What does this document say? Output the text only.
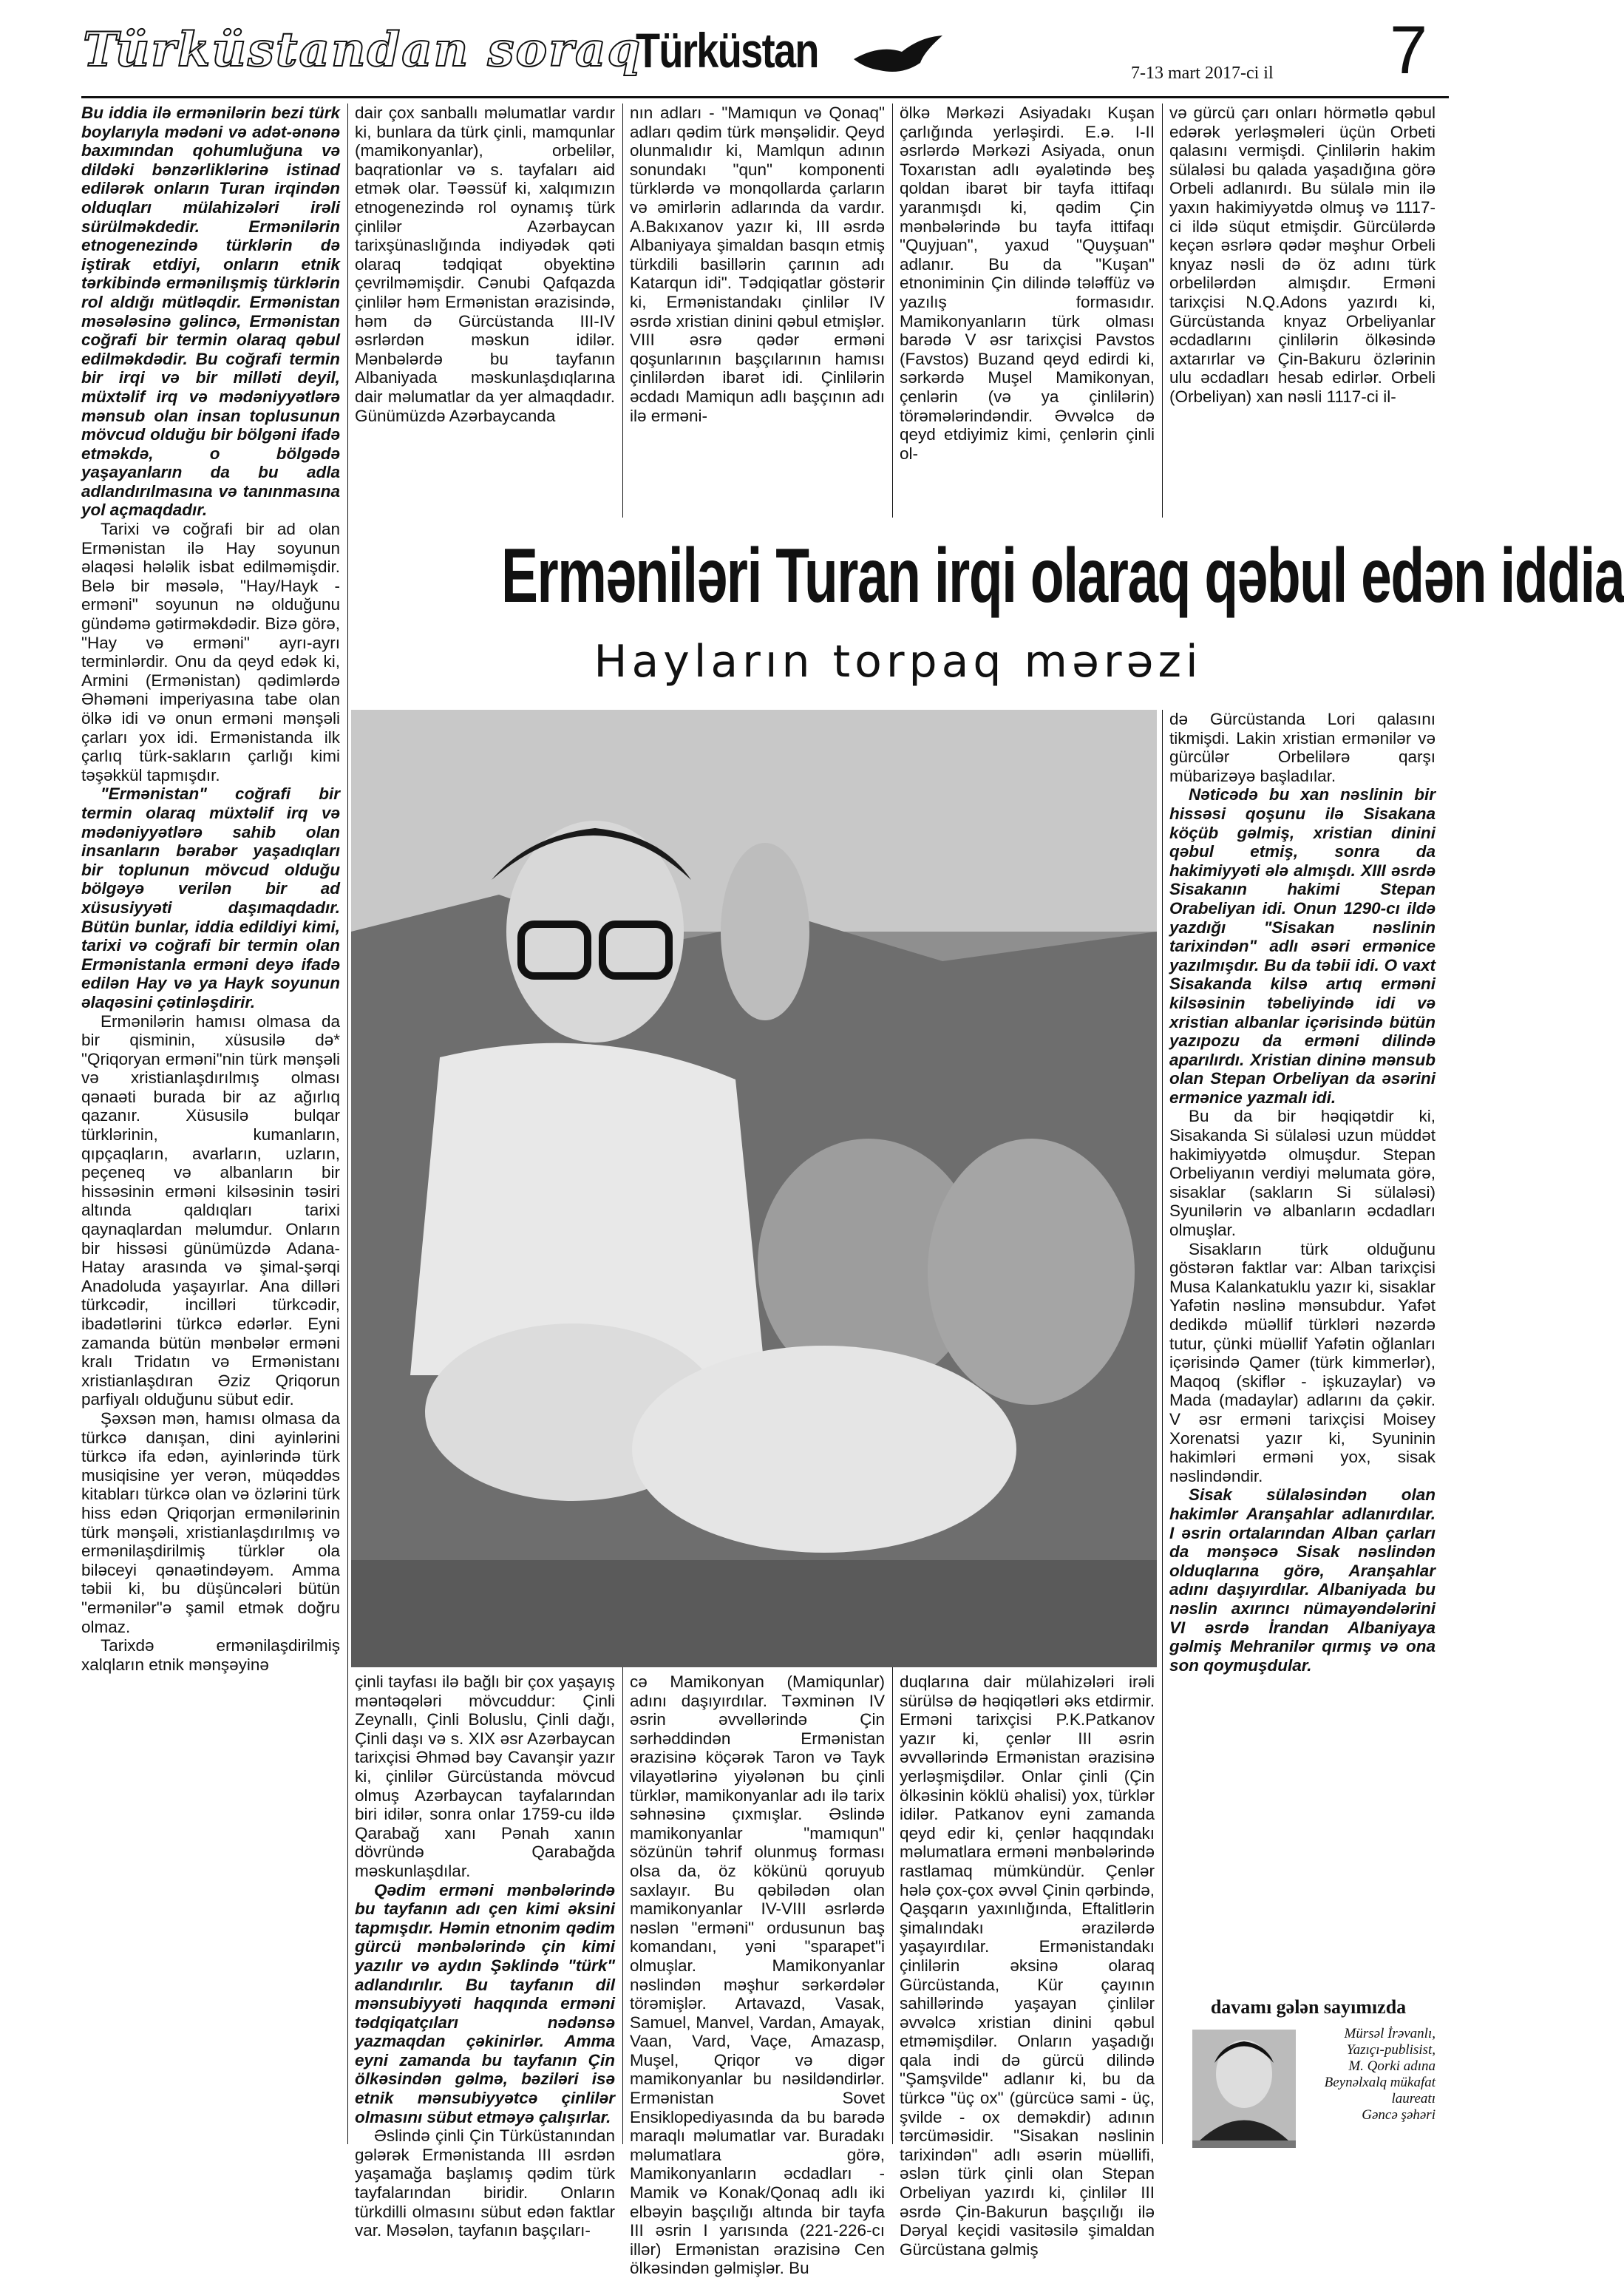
Türküstandan soraq
Türküstan	7-13 mart 2017-ci il 7

Bu iddia ilə ermənilərin bezi türk boylarıyla mədəni və adət-ənənə baxımından qohumluğuna və dildəki bənzərliklərinə istinad edilərək onların Turan irqindən olduqları mülahizələri irəli sürülməkdedir. Ermənilərin etnogenezində türklərin də iştirak etdiyi, onların etnik tərkibində ermənilışmiş türklərin rol aldığı mütləqdir. Ermənistan məsələsinə gəlincə, Ermənistan coğrafi bir termin olaraq qəbul edilməkdədir. Bu coğrafi termin bir irqi və bir milləti deyil, müxtəlif irq və mədəniyyətlərə mənsub olan insan toplusunun mövcud olduğu bir bölgəni ifadə etməkdə, o bölgədə yaşayanların da bu adla adlandırılmasına və tanınmasına yol açmaqdadır.

Tarixi və coğrafi bir ad olan Ermənistan ilə Hay soyunun əlaqəsi hələlik isbat edilməmişdir. Belə bir məsələ, "Hay/Hayk - erməni" soyunun nə olduğunu gündəmə gətirməkdədir. Bizə görə, "Hay və erməni" ayrı-ayrı terminlərdir. Onu da qeyd edək ki, Armini (Ermənistan) qədimlərdə Əhəməni imperiyasına tabe olan ölkə idi və onun erməni mənşəli çarları yox idi. Ermənistanda ilk çarlıq türk-sakların çarlığı kimi təşəkkül tapmışdır.

"Ermənistan" coğrafi bir termin olaraq müxtəlif irq və mədəniyyətlərə sahib olan insanların bərabər yaşadıqları bir toplunun mövcud olduğu bölgəyə verilən bir ad xüsusiyyəti daşımaqdadır. Bütün bunlar, iddia edildiyi kimi, tarixi və coğrafi bir termin olan Ermənistanla erməni deyə ifadə edilən Hay və ya Hayk soyunun əlaqəsini çətinləşdirir.

Ermənilərin hamısı olmasa da bir qisminin, xüsusilə də* "Qriqoryan erməni"nin türk mənşəli və xristianlaşdırılmış olması qənaəti burada bir az ağırlıq qazanır. Xüsusilə bulqar türklərinin, kumanların, qıpçaqların, avarların, uzların, peçeneq və albanların bir hissəsinin erməni kilsəsinin təsiri altında qaldıqları tarixi qaynaqlardan məlumdur. Onların bir hissəsi günümüzdə Adana-Hatay arasında və şimal-şərqi Anadoluda yaşayırlar. Ana dilləri türkcədir, incilləri türkcədir, ibadətlərini türkcə edərlər. Eyni zamanda bütün mənbələr erməni kralı Tridatın və Ermənistanı xristianlaşdıran Əziz Qriqorun parfiyalı olduğunu sübut edir.

Şəxsən mən, hamısı olmasa da türkcə danışan, dini ayinlərini türkcə ifa edən, ayinlərində türk musiqisine yer verən, müqəddəs kitabları türkcə olan və özlərini türk hiss edən Qriqorjan ermənilərinin türk mənşəli, xristianlaşdırılmış və ermənilaşdirilmiş türklər ola biləceyi qənaətindəyəm. Amma təbii ki, bu düşüncələri bütün "ermənilər"ə şamil etmək doğru olmaz.

Tarixdə ermənilaşdirilmiş xalqların etnik mənşəyinə

dair çox sanballı məlumatlar vardır ki, bunlara da türk çinli, mamqunlar (mamikonyanlar), orbelilər, baqrationlar və s. tayfaları aid etmək olar. Təəssüf ki, xalqımızın etnogenezində rol oynamış türk çinlilər Azərbaycan tarixşünaslığında indiyədək qəti olaraq tədqiqat obyektinə çevrilməmişdir. Cənubi Qafqazda çinlilər həm Ermənistan ərazisində, həm də Gürcüstanda III-IV əsrlərdən məskun idilər. Mənbələrdə bu tayfanın Albaniyada məskunlaşdıqlarına dair məlumatlar da yer almaqdadır. Günümüzdə Azərbaycanda

nın adları - "Mamıqun və Qonaq" adları qədim türk mənşəlidir. Qeyd olunmalıdır ki, Mamlqun adının sonundakı "qun" komponenti türklərdə və monqollarda çarların və əmirlərin adlarında da vardır. A.Bakıxanov yazır ki, III əsrdə Albaniyaya şimaldan basqın etmiş türkdili basillərin çarının adı Katarqun idi". Tədqiqatlar göstərir ki, Ermənistandakı çinlilər IV əsrdə xristian dinini qəbul etmişlər. VIII əsrə qədər erməni qoşunlarının başçılarının hamısı çinlilərdən ibarət idi. Çinlilərin əcdadı Mamiqun adlı başçının adı ilə erməni-

ölkə Mərkəzi Asiyadakı Kuşan çarlığında yerləşirdi. E.ə. I-II əsrlərdə Mərkəzi Asiyada, onun Toxarıstan adlı əyalətində beş qoldan ibarət bir tayfa ittifaqı yaranmışdı ki, qədim Çin mənbələrində bu tayfa ittifaqı "Quyjuan", yaxud "Quyşuan" adlanır. Bu da "Kuşan" etnoniminin Çin dilində tələffüz və yazılış formasıdır. Mamikonyanların türk olması barədə V əsr tarixçisi Pavstos (Favstos) Buzand qeyd edirdi ki, sərkərdə Muşel Mamikonyan, çenlərin (və ya çinlilərin) törəmələrindəndir. Əvvəlcə də qeyd etdiyimiz kimi, çenlərin çinli ol-

və gürcü çarı onları hörmətlə qəbul edərək yerləşməleri üçün Orbeti qalasını vermişdi. Çinlilərin hakim sülaləsi bu qalada yaşadığına görə Orbeli adlanırdı. Bu sülalə min ilə yaxın hakimiyyətdə olmuş və 1117-ci ildə süqut etmişdir. Gürcülərdə keçən əsrlərə qədər məşhur Orbeli knyaz nəsli də öz adını türk orbelilərdən almışdır. Erməni tarixçisi N.Q.Adons yazırdı ki, Gürcüstanda knyaz Orbeliyanlar əcdadlarını çinlilərin ölkəsində axtarırlar və Çin-Bakuru özlərinin ulu əcdadları hesab edirlər. Orbeli (Orbeliyan) xan nəsli 1117-ci il-

Ermənilәri Turan irqi olaraq qәbul edәn iddia
Hayların torpaq mərəzi

də Gürcüstanda Lori qalasını tikmişdi. Lakin xristian ermənilər və gürcülər Orbelilərə qarşı mübarizəyə başladılar.

Nəticədə bu xan nəslinin bir hissəsi qoşunu ilə Sisakana köçüb gəlmiş, xristian dinini qəbul etmiş, sonra da hakimiyyəti ələ almışdı. XIII əsrdə Sisakanın hakimi Stepan Orabeliyan idi. Onun 1290-cı ildə yazdığı "Sisakan nəslinin tarixindən" adlı əsəri ermənice yazılmışdır. Bu da təbii idi. O vaxt Sisakanda kilsə artıq erməni kilsəsinin təbeliyində idi və xristian albanlar içərisində bütün yazıpozu da erməni dilində aparılırdı. Xristian dininə mənsub olan Stepan Orbeliyan da əsərini ermənice yazmalı idi.

Bu da bir həqiqətdir ki, Sisakanda Si sülaləsi uzun müddət hakimiyyətdə olmuşdur. Stepan Orbeliyanın verdiyi məlumata görə, sisaklar (sakların Si sülaləsi) Syunilərin və albanların əcdadları olmuşlar.

Sisakların türk olduğunu göstərən faktlar var: Alban tarixçisi Musa Kalankatuklu yazır ki, sisaklar Yafətin nəslinə mənsubdur. Yafət dedikdə müəllif türkləri nəzərdə tutur, çünki müəllif Yafətin oğlanları içərisində Qamer (türk kimmerlər), Maqoq (skiflər - işkuzaylar) və Mada (madaylar) adlarını da çəkir. V əsr erməni tarixçisi Moisey Xorenatsi yazır ki, Syuninin hakimləri erməni yox, sisak nəslindəndir.

Sisak sülaləsindən olan hakimlər Aranşahlar adlanırdılar. I əsrin ortalarından Alban çarları da mənşəcə Sisak nəslindən olduqlarına görə, Aranşahlar adını daşıyırdılar. Albaniyada bu nəslin axırıncı nümayəndələrini VI əsrdə İrandan Albaniyaya gəlmiş Mehranilər qırmış və ona son qoymuşdular.

davamı gələn sayımızda
Mürsəl İrəvanlı,
Yazıçı-publisist,
M. Qorki adına Beynəlxalq mükafat laureatı
Gəncə şəhəri

çinli tayfası ilə bağlı bir çox yaşayış məntəqələri mövcuddur: Çinli Zeynallı, Çinli Boluslu, Çinli dağı, Çinli daşı və s. XIX əsr Azərbaycan tarixçisi Əhməd bəy Cavanşir yazır ki, çinlilər Gürcüstanda mövcud olmuş Azərbaycan tayfalarından biri idilər, sonra onlar 1759-cu ildə Qarabağ xanı Pənah xanın dövründə Qarabağda məskunlaşdılar.

Qədim erməni mənbələrində bu tayfanın adı çen kimi əksini tapmışdır. Həmin etnonim qədim gürcü mənbələrində çin kimi yazılır və aydın Şəklində "türk" adlandırılır. Bu tayfanın dil mənsubiyyəti haqqında erməni tədqiqatçıları nədənsə yazmaqdan çəkinirlər. Amma eyni zamanda bu tayfanın Çin ölkəsindən gəlmə, bəziləri isə etnik mənsubiyyətcə çinlilər olmasını sübut etməyə çalışırlar.

Əslində çinli Çin Türküstanından gələrək Ermənistanda III əsrdən yaşamağa başlamış qədim türk tayfalarından biridir. Onların türkdilli olmasını sübut edən faktlar var. Məsələn, tayfanın başçıları-

cə Mamikonyan (Mamiqunlar) adını daşıyırdılar. Təxminən IV əsrin əvvəllərində Çin sərhəddindən Ermənistan ərazisinə köçərək Taron və Tayk vilayətlərinə yiyələnən bu çinli türklər, mamikonyanlar adı ilə tarix səhnəsinə çıxmışlar. Əslində mamikonyanlar "mamıqun" sözünün təhrif olunmuş forması olsa da, öz kökünü qoruyub saxlayır. Bu qəbilədən olan mamikonyanlar IV-VIII əsrlərdə nəslən "erməni" ordusunun baş komandanı, yəni "sparapet"i olmuşlar. Mamikonyanlar nəslindən məşhur sərkərdələr törəmişlər. Artavazd, Vasak, Samuel, Manvel, Vardan, Amayak, Vaan, Vard, Vaçe, Amazasp, Muşel, Qriqor və digər mamikonyanlar bu nəsildəndirlər. Ermənistan Sovet Ensiklopediyasında da bu barədə maraqlı məlumatlar var. Buradakı məlumatlara görə, Mamikonyanların əcdadları - Mamik və Konak/Qonaq adlı iki elbəyin başçılığı altında bir tayfa III əsrin I yarısında (221-226-cı illər) Ermənistan ərazisinə Cen ölkəsindən gəlmişlər. Bu

duqlarına dair mülahizələri irəli sürülsə də həqiqətləri əks etdirmir. Erməni tarixçisi P.K.Patkanov yazır ki, çenlər III əsrin əvvəllərində Ermənistan ərazisinə yerləşmişdilər. Onlar çinli (Çin ölkəsinin köklü əhalisi) yox, türklər idilər. Patkanov eyni zamanda qeyd edir ki, çenlər haqqındakı məlumatlara erməni mənbələrində rastlamaq mümkündür. Çenlər hələ çox-çox əvvəl Çinin qərbində, Qaşqarın yaxınlığında, Eftalitlərin şimalındakı ərazilərdə yaşayırdılar. Ermənistandakı çinlilərin əksinə olaraq Gürcüstanda, Kür çayının sahillərində yaşayan çinlilər əvvəlcə xristian dinini qəbul etməmişdilər. Onların yaşadığı qala indi də gürcü dilində "Şamşvilde" adlanır ki, bu da türkcə "üç ox" (gürcücə sami - üç, şvilde - ox deməkdir) adının tərcüməsidir. "Sisakan nəslinin tarixindən" adlı əsərin müəllifi, əslən türk çinli olan Stepan Orbeliyan yazırdı ki, çinlilər III əsrdə Çin-Bakurun başçılığı ilə Dəryal keçidi vasitəsilə şimaldan Gürcüstana gəlmiş
